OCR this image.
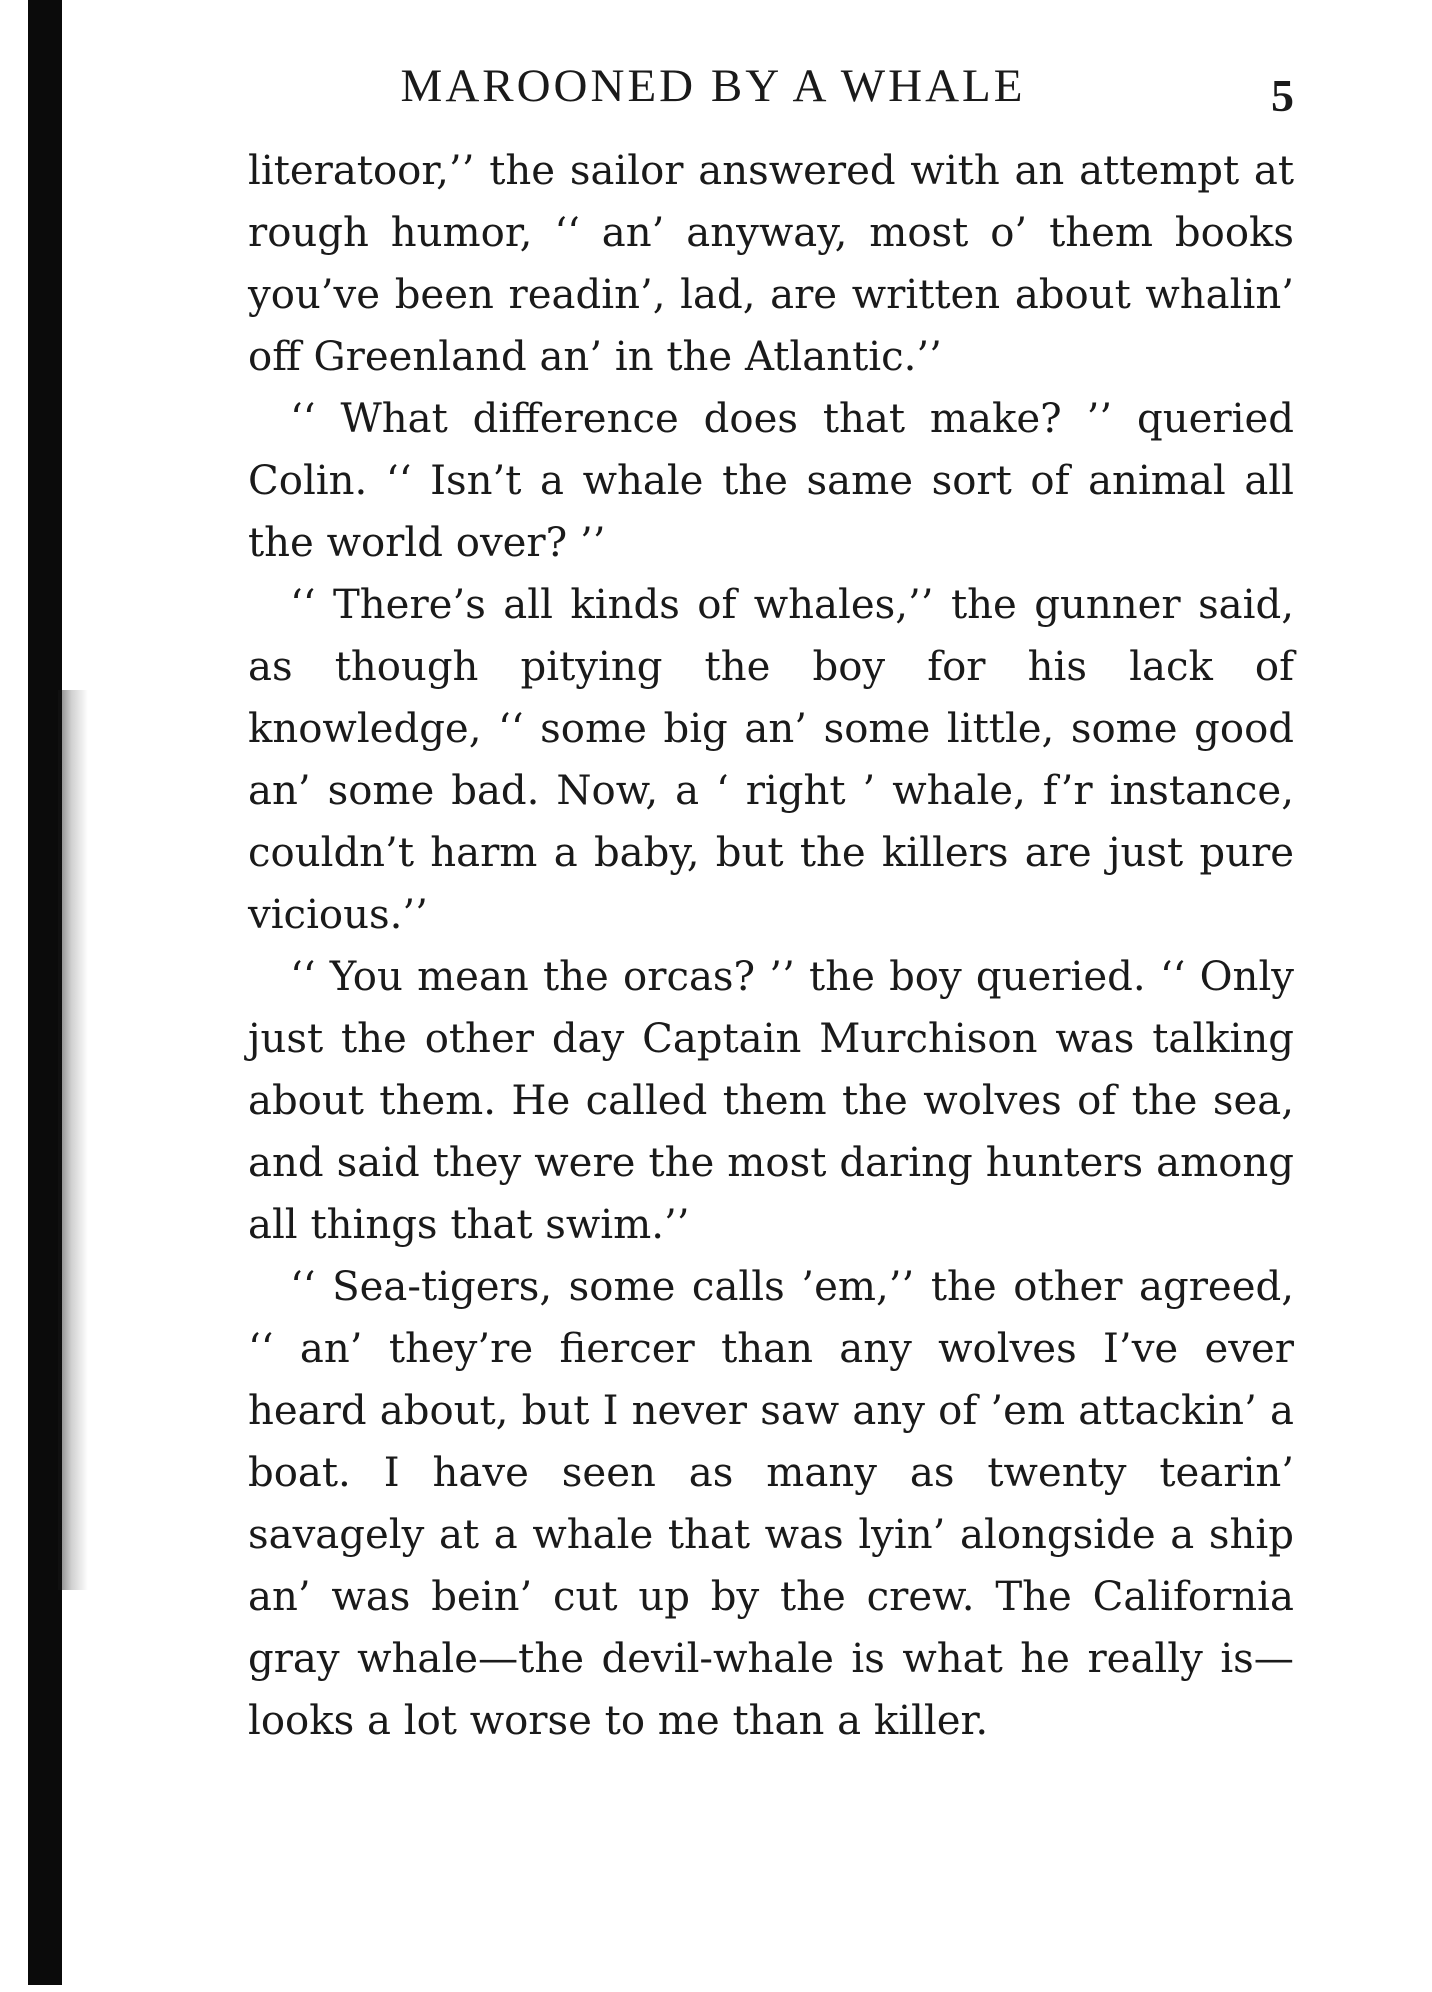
MAROONED BY A WHALE	5

literatoor,’’ the sailor answered with an attempt at rough humor, ‘‘ an’ anyway, most o’ them books you’ve been readin’, lad, are written about whalin’ off Greenland an’ in the Atlantic.’’

‘‘ What difference does that make? ’’ queried Colin. ‘‘ Isn’t a whale the same sort of animal all the world over? ’’

‘‘ There’s all kinds of whales,’’ the gunner said, as though pitying the boy for his lack of knowledge, ‘‘ some big an’ some little, some good an’ some bad. Now, a ‘ right ’ whale, f’r instance, couldn’t harm a baby, but the killers are just pure vicious.’’

‘‘ You mean the orcas? ’’ the boy queried. ‘‘ Only just the other day Captain Murchison was talking about them. He called them the wolves of the sea, and said they were the most daring hunters among all things that swim.’’

‘‘ Sea-tigers, some calls ’em,’’ the other agreed, ‘‘ an’ they’re fiercer than any wolves I’ve ever heard about, but I never saw any of ’em attackin’ a boat. I have seen as many as twenty tearin’ savagely at a whale that was lyin’ alongside a ship an’ was bein’ cut up by the crew. The California gray whale—the devil-whale is what he really is—looks a lot worse to me than a killer.
